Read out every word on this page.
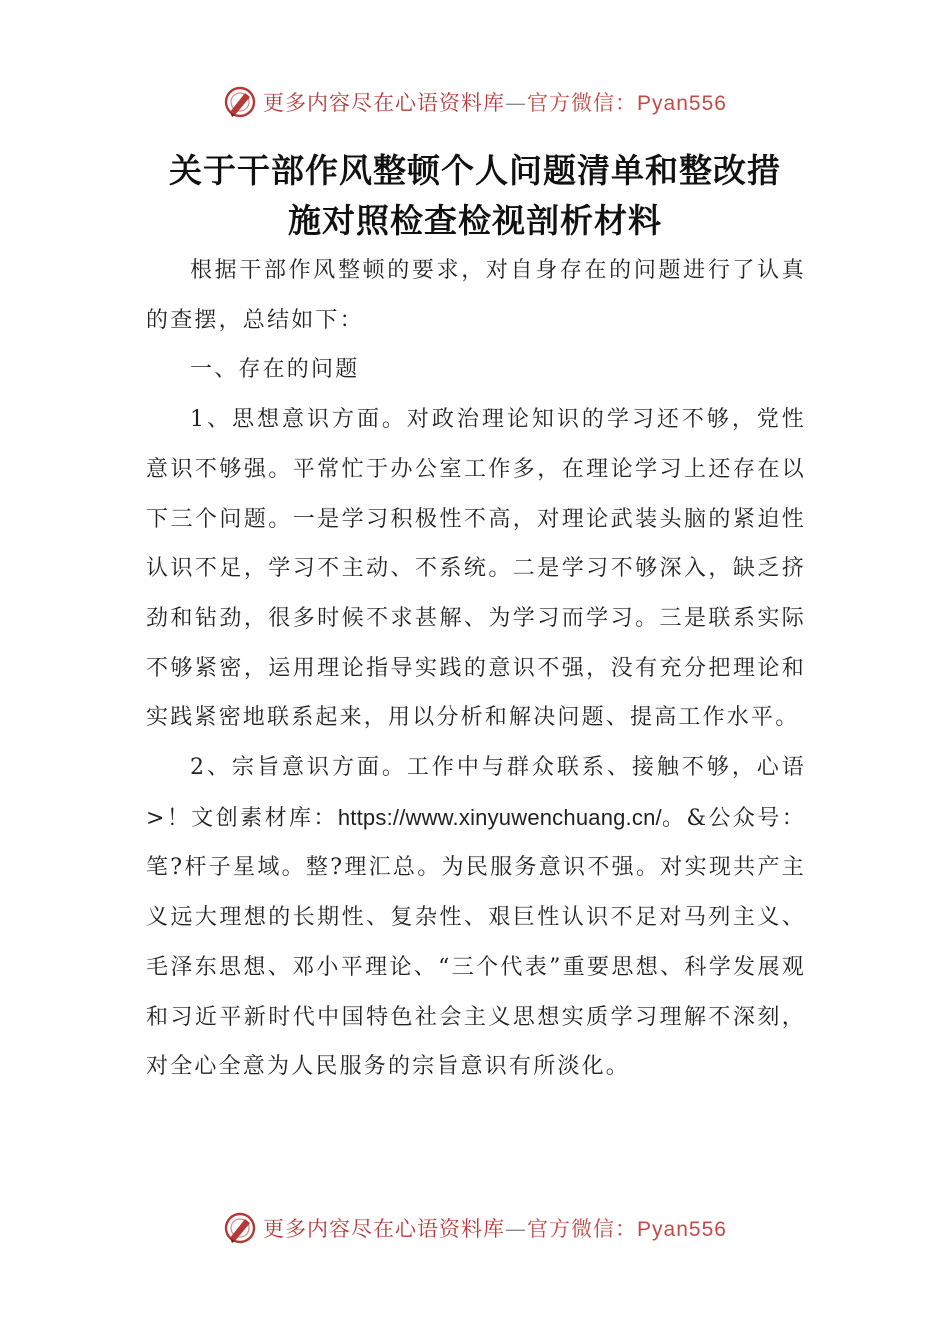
更多内容尽在心语资料库—官方微信：Pyan556
关于干部作风整顿个人问题清单和整改措
施对照检查检视剖析材料

根据干部作风整顿的要求，对自身存在的问题进行了认真的查摆，总结如下：

一、存在的问题

1、思想意识方面。对政治理论知识的学习还不够，党性意识不够强。平常忙于办公室工作多，在理论学习上还存在以下三个问题。一是学习积极性不高，对理论武装头脑的紧迫性认识不足，学习不主动、不系统。二是学习不够深入，缺乏挤劲和钻劲，很多时候不求甚解、为学习而学习。三是联系实际不够紧密，运用理论指导实践的意识不强，没有充分把理论和实践紧密地联系起来，用以分析和解决问题、提高工作水平。

2、宗旨意识方面。工作中与群众联系、接触不够，心语>！文创素材库：https://www.xinyuwenchuang.cn/。&公众号：笔?杆子星域。整?理汇总。为民服务意识不强。对实现共产主义远大理想的长期性、复杂性、艰巨性认识不足对马列主义、毛泽东思想、邓小平理论、“三个代表”重要思想、科学发展观和习近平新时代中国特色社会主义思想实质学习理解不深刻，对全心全意为人民服务的宗旨意识有所淡化。

更多内容尽在心语资料库—官方微信：Pyan556
